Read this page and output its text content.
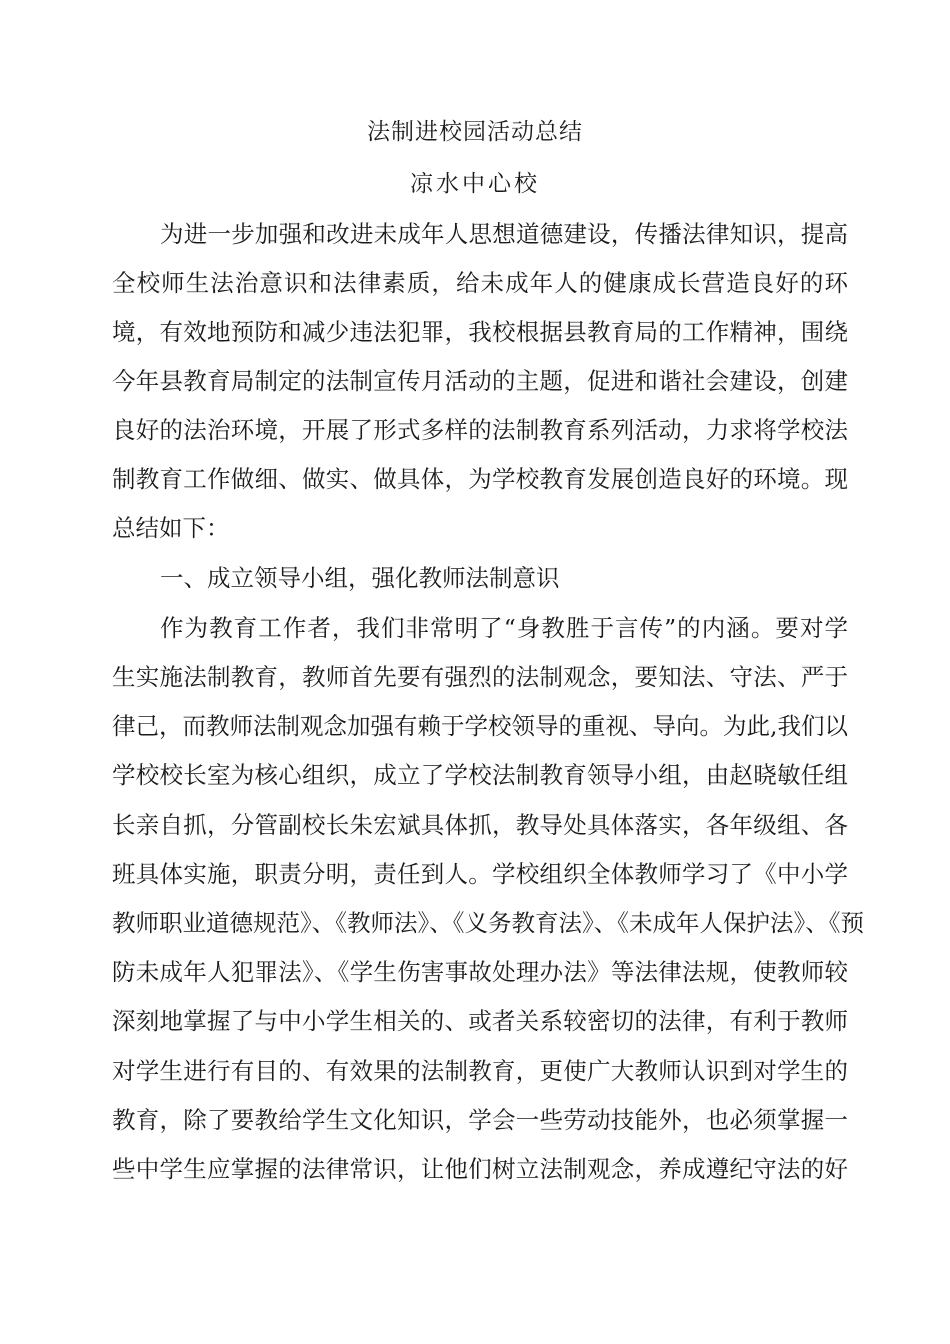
法制进校园活动总结
凉水中心校
为进一步加强和改进未成年人思想道德建设，传播法律知识，提高
全校师生法治意识和法律素质，给未成年人的健康成长营造良好的环
境，有效地预防和减少违法犯罪，我校根据县教育局的工作精神，围绕
今年县教育局制定的法制宣传月活动的主题，促进和谐社会建设，创建
良好的法治环境，开展了形式多样的法制教育系列活动，力求将学校法
制教育工作做细、做实、做具体，为学校教育发展创造良好的环境。现
总结如下：
一、成立领导小组，强化教师法制意识
作为教育工作者，我们非常明了“身教胜于言传”的内涵。要对学
生实施法制教育，教师首先要有强烈的法制观念，要知法、守法、严于
律己，而教师法制观念加强有赖于学校领导的重视、导向。为此,我们以
学校校长室为核心组织，成立了学校法制教育领导小组，由赵晓敏任组
长亲自抓，分管副校长朱宏斌具体抓，教导处具体落实，各年级组、各
班具体实施，职责分明，责任到人。学校组织全体教师学习了《中小学
教师职业道德规范》、《教师法》、《义务教育法》、《未成年人保护法》、《预
防未成年人犯罪法》、《学生伤害事故处理办法》等法律法规，使教师较
深刻地掌握了与中小学生相关的、或者关系较密切的法律，有利于教师
对学生进行有目的、有效果的法制教育，更使广大教师认识到对学生的
教育，除了要教给学生文化知识，学会一些劳动技能外，也必须掌握一
些中学生应掌握的法律常识，让他们树立法制观念，养成遵纪守法的好
